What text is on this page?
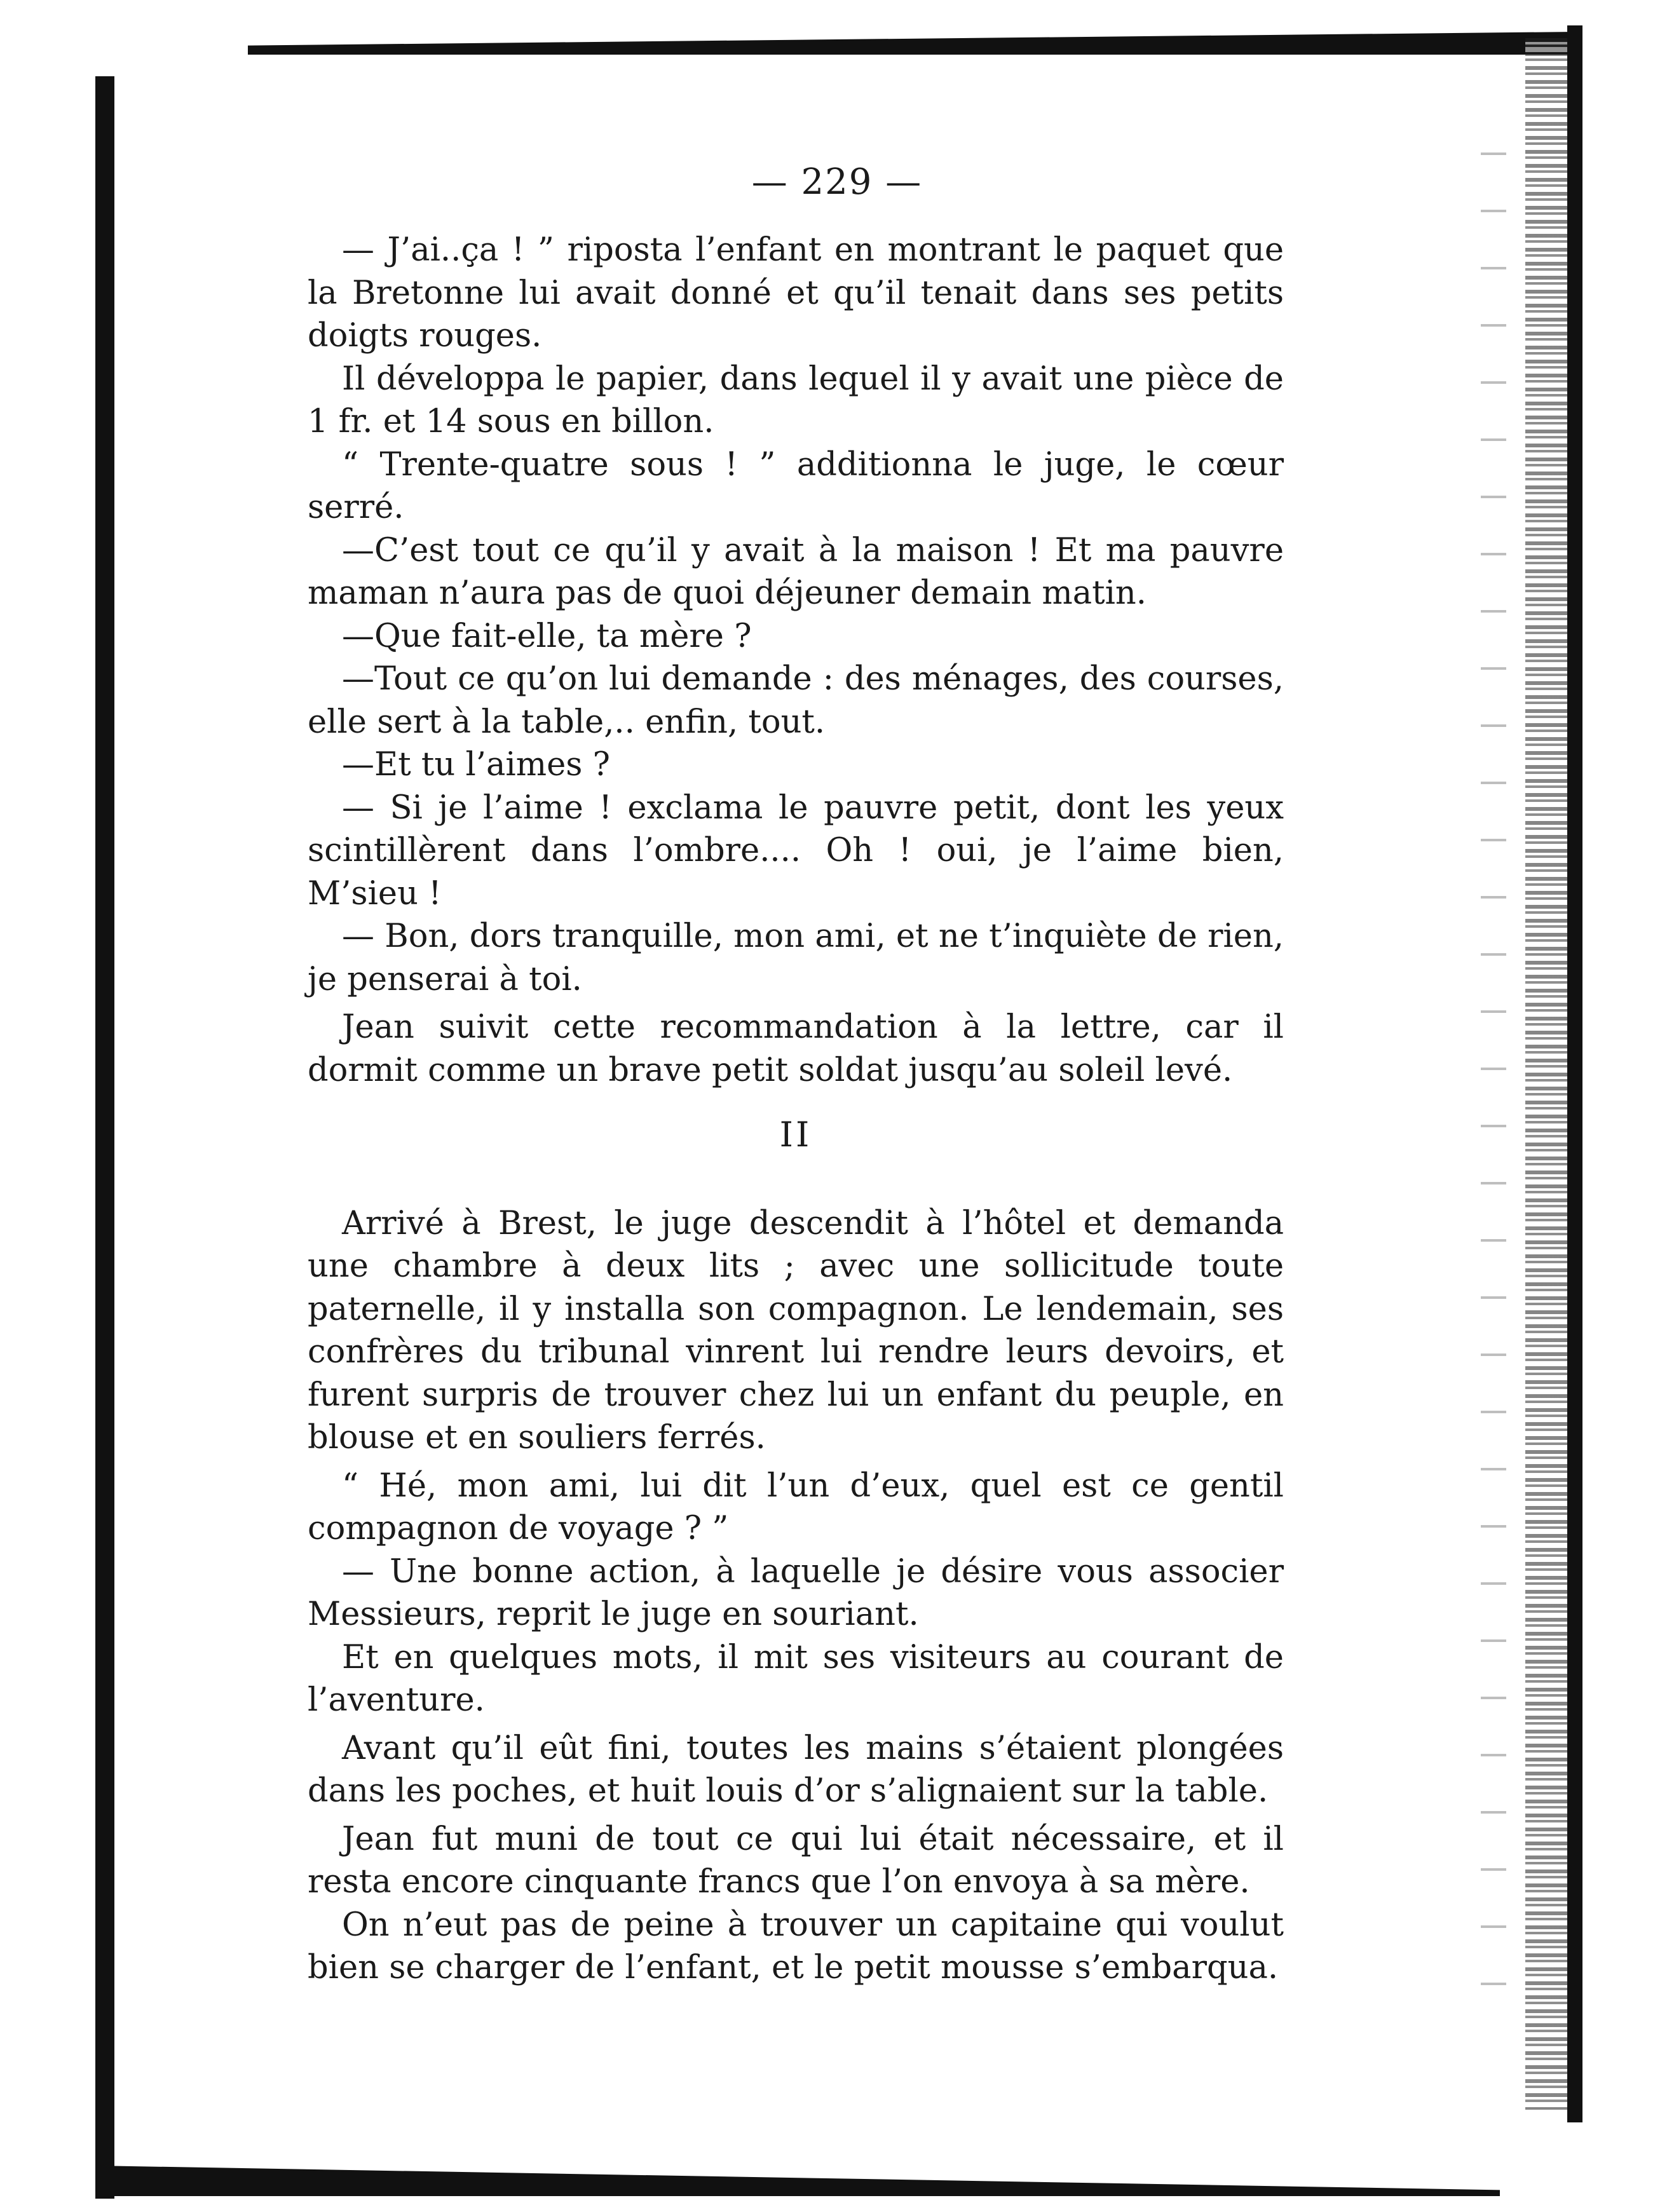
— 229 —

— J’ai..ça ! ” riposta l’enfant en montrant le paquet que la Bretonne lui avait donné et qu’il tenait dans ses petits doigts rouges.

Il développa le papier, dans lequel il y avait une pièce de 1 fr. et 14 sous en billon.

“ Trente-quatre sous ! ” additionna le juge, le cœur serré.

—C’est tout ce qu’il y avait à la maison ! Et ma pauvre maman n’aura pas de quoi déjeuner demain matin.

—Que fait-elle, ta mère ?

—Tout ce qu’on lui demande : des ménages, des courses, elle sert à la table,.. enfin, tout.

—Et tu l’aimes ?

— Si je l’aime ! exclama le pauvre petit, dont les yeux scintillèrent dans l’ombre.... Oh ! oui, je l’aime bien, M’sieu !

— Bon, dors tranquille, mon ami, et ne t’inquiète de rien, je penserai à toi.

Jean suivit cette recommandation à la lettre, car il dormit comme un brave petit soldat jusqu’au soleil levé.

II

Arrivé à Brest, le juge descendit à l’hôtel et demanda une chambre à deux lits ; avec une sollicitude toute paternelle, il y installa son compagnon. Le lendemain, ses confrères du tribunal vinrent lui rendre leurs devoirs, et furent surpris de trouver chez lui un enfant du peuple, en blouse et en souliers ferrés.

“ Hé, mon ami, lui dit l’un d’eux, quel est ce gentil compagnon de voyage ? ”

— Une bonne action, à laquelle je désire vous associer Messieurs, reprit le juge en souriant.

Et en quelques mots, il mit ses visiteurs au courant de l’aventure.

Avant qu’il eût fini, toutes les mains s’étaient plongées dans les poches, et huit louis d’or s’alignaient sur la table.

Jean fut muni de tout ce qui lui était nécessaire, et il resta encore cinquante francs que l’on envoya à sa mère.

On n’eut pas de peine à trouver un capitaine qui voulut bien se charger de l’enfant, et le petit mousse s’embarqua.
